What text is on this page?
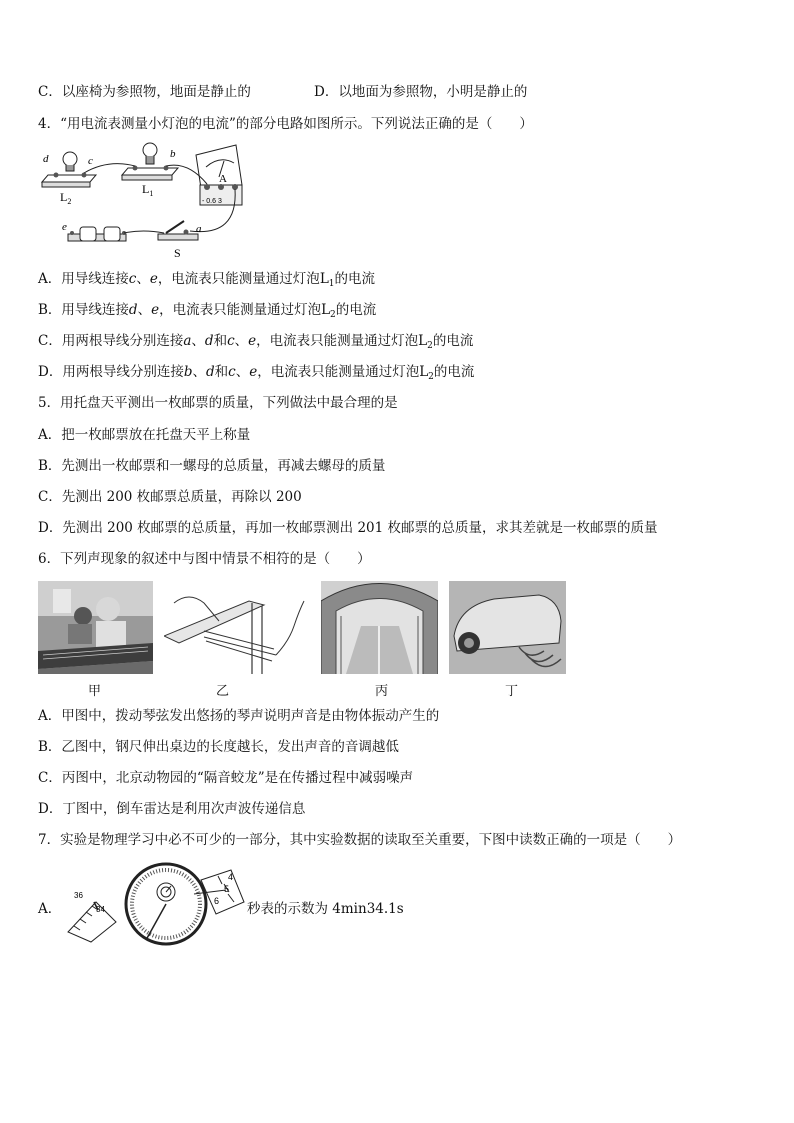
C．以座椅为参照物，地面是静止的	D．以地面为参照物，小明是静止的
4．“用电流表测量小灯泡的电流”的部分电路如图所示。下列说法正确的是（　　）
d	c
b
e	a
A
- 0.6 3
$L_2$
$L_1$
S
A．用导线连接c、e，电流表只能测量通过灯泡$L_1$的电流
B．用导线连接d、e，电流表只能测量通过灯泡$L_2$的电流
C．用两根导线分别连接a、d和c、e，电流表只能测量通过灯泡$L_2$的电流
D．用两根导线分别连接b、d和c、e，电流表只能测量通过灯泡$L_2$的电流
5．用托盘天平测出一枚邮票的质量，下列做法中最合理的是
A．把一枚邮票放在托盘天平上称量
B．先测出一枚邮票和一螺母的总质量，再减去螺母的质量
C．先测出 200 枚邮票总质量，再除以 200
D．先测出 200 枚邮票的总质量，再加一枚邮票测出 201 枚邮票的总质量，求其差就是一枚邮票的质量
6．下列声现象的叙述中与图中情景不相符的是（　　）
甲	乙	丙	丁
A．甲图中，拨动琴弦发出悠扬的琴声说明声音是由物体振动产生的
B．乙图中，钢尺伸出桌边的长度越长，发出声音的音调越低
C．丙图中，北京动物园的“隔音蛟龙”是在传播过程中减弱噪声
D．丁图中，倒车雷达是利用次声波传递信息
7．实验是物理学习中必不可少的一部分，其中实验数据的读取至关重要，下图中读数正确的一项是（　　）
A．
36
34
4
5
6 秒表的示数为 4min34.1s
